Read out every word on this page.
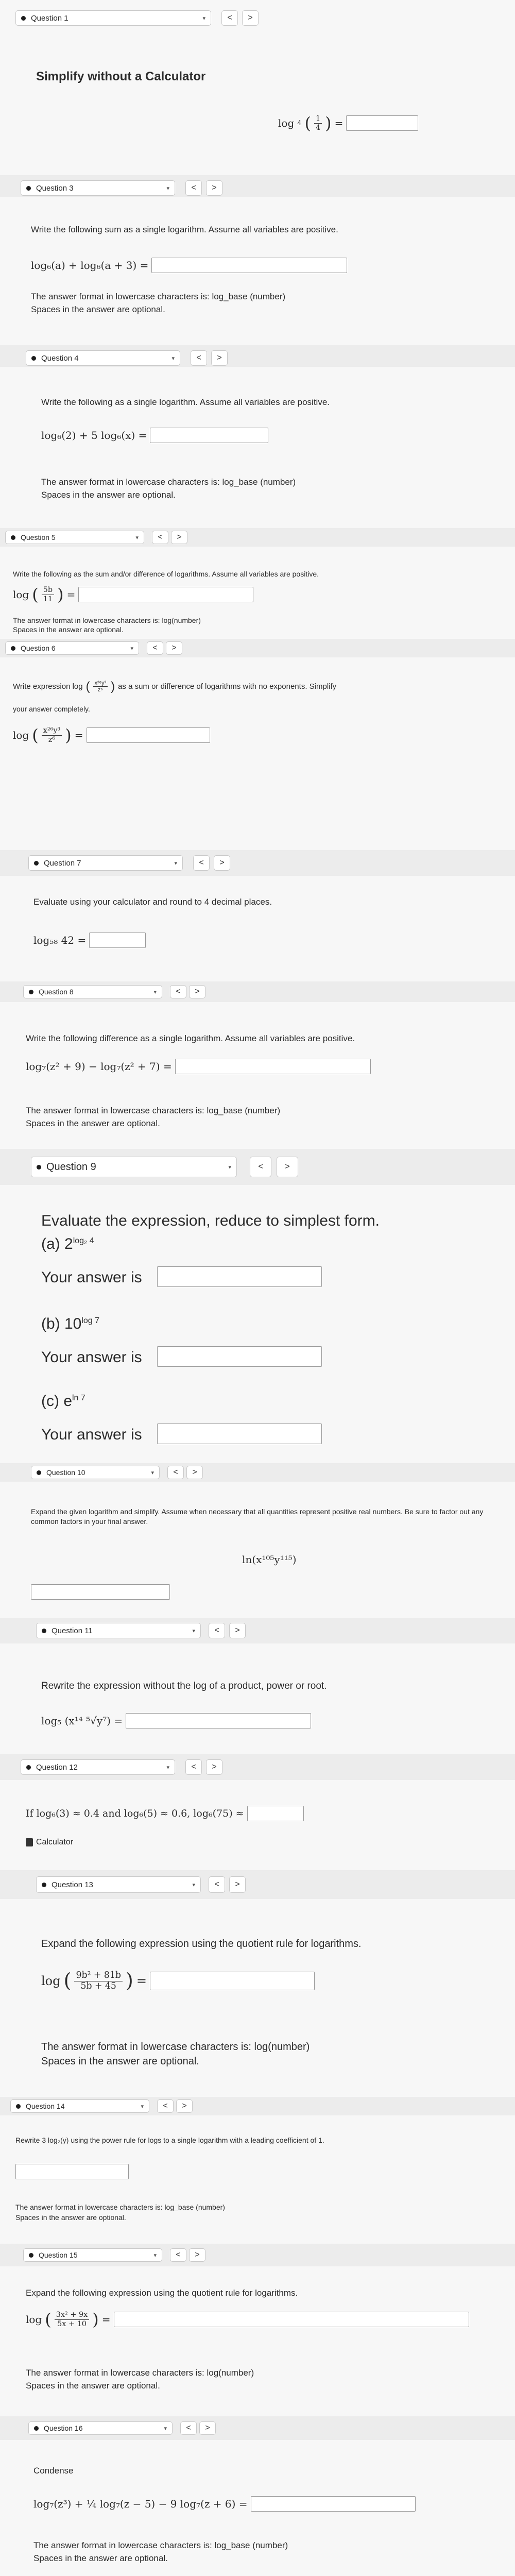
Question 1	▾	<	>
Simplify without a Calculator
log 4 ( $\frac{1}{4}$ ) =
Question 3	▾	<	>
Write the following sum as a single logarithm. Assume all variables are positive.
log₆(a) + log₆(a + 3) =
The answer format in lowercase characters is: log_base (number)
Spaces in the answer are optional.
Question 4	▾	<	>
Write the following as a single logarithm. Assume all variables are positive.
log₆(2) + 5 log₆(x) =
The answer format in lowercase characters is: log_base (number)
Spaces in the answer are optional.
Question 5	▾	<	>
Write the following as the sum and/or difference of logarithms. Assume all variables are positive.
log ( $\frac{5b}{11}$ ) =
The answer format in lowercase characters is: log(number)
Spaces in the answer are optional.
Question 6	▾	<	>
Write expression log ( $\frac{\text{x²⁶y³}}{\text{z⁶}}$ ) as a sum or difference of logarithms with no exponents. Simplify
your answer completely.
log ( $\frac{\text{x²⁶y³}}{\text{z⁶}}$ ) =
Question 7	▾	<	>
Evaluate using your calculator and round to 4 decimal places.
log₅₈ 42 =
Question 8	▾	<	>
Write the following difference as a single logarithm. Assume all variables are positive.
log₇(z² + 9) − log₇(z² + 7) =
The answer format in lowercase characters is: log_base (number)
Spaces in the answer are optional.
Question 9	▾	<	>
Evaluate the expression, reduce to simplest form.
(a) $2^{log_2 4}$
Your answer is
(b) $10^{log 7}$
Your answer is
(c) $e^{ln 7}$
Your answer is
Question 10	▾	<	>
Expand the given logarithm and simplify. Assume when necessary that all quantities represent positive real numbers. Be sure to factor out any common factors in your final answer.
ln(x¹⁰⁵y¹¹⁵)
Question 11	▾	<	>
Rewrite the expression without the log of a product, power or root.
log₅ (x¹⁴ ⁵√y⁷) =
Question 12	▾	<	>
If log₆(3) ≈ 0.4 and log₆(5) ≈ 0.6, log₆(75) ≈
Calculator
Question 13	▾	<	>
Expand the following expression using the quotient rule for logarithms.
log ( $\frac{\text{9b² + 81b}}{5b + 45}$ ) =
The answer format in lowercase characters is: log(number)
Spaces in the answer are optional.
Question 14	▾	<	>
Rewrite 3 log₂(y) using the power rule for logs to a single logarithm with a leading coefficient of 1.
The answer format in lowercase characters is: log_base (number)
Spaces in the answer are optional.
Question 15	▾	<	>
Expand the following expression using the quotient rule for logarithms.
log ( $\frac{\text{3x² + 9x}}{5x + 10}$ ) =
The answer format in lowercase characters is: log(number)
Spaces in the answer are optional.
Question 16	▾	<	>
Condense
log₇(z³) + ¼ log₇(z − 5) − 9 log₇(z + 6) =
The answer format in lowercase characters is: log_base (number)
Spaces in the answer are optional.
